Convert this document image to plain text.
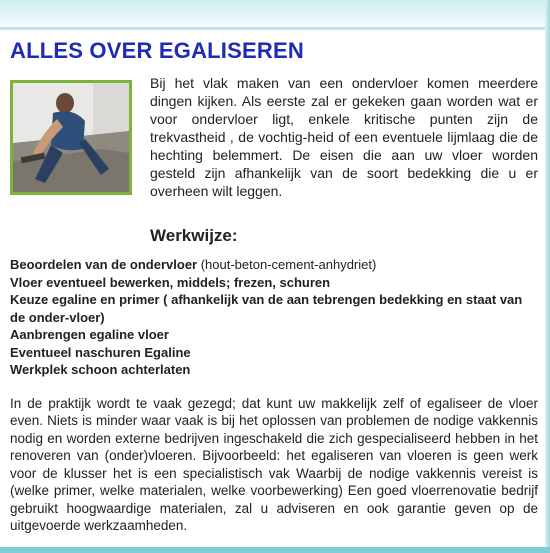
ALLES OVER EGALISEREN

Bij het vlak maken van een ondervloer komen meerdere dingen kijken. Als eerste zal er gekeken gaan worden wat er voor ondervloer ligt, enkele kritische punten zijn de trekvastheid , de vochtig-heid of een eventuele lijmlaag die de hechting belemmert. De eisen die aan uw vloer worden gesteld zijn afhankelijk van de soort bedekking die u er overheen wilt leggen.

Werkwijze:
Beoordelen van de ondervloer (hout-beton-cement-anhydriet)
Vloer eventueel bewerken, middels; frezen, schuren
Keuze egaline en primer ( afhankelijk van de aan tebrengen bedekking en staat van de onder-vloer)
Aanbrengen egaline vloer
Eventueel naschuren Egaline
Werkplek schoon achterlaten

In de praktijk wordt te vaak gezegd; dat kunt uw makkelijk zelf of egaliseer de vloer even. Niets is minder waar vaak is bij het oplossen van problemen de nodige vakkennis nodig en worden externe bedrijven ingeschakeld die zich gespecialiseerd hebben in het renoveren van (onder)vloeren. Bijvoorbeeld: het egaliseren van vloeren is geen werk voor de klusser het is een specialistisch vak Waarbij de nodige vakkennis vereist is (welke primer, welke materialen, welke voorbewerking) Een goed vloerrenovatie bedrijf gebruikt hoogwaardige materialen, zal u adviseren en ook garantie geven op de uitgevoerde werkzaamheden.
